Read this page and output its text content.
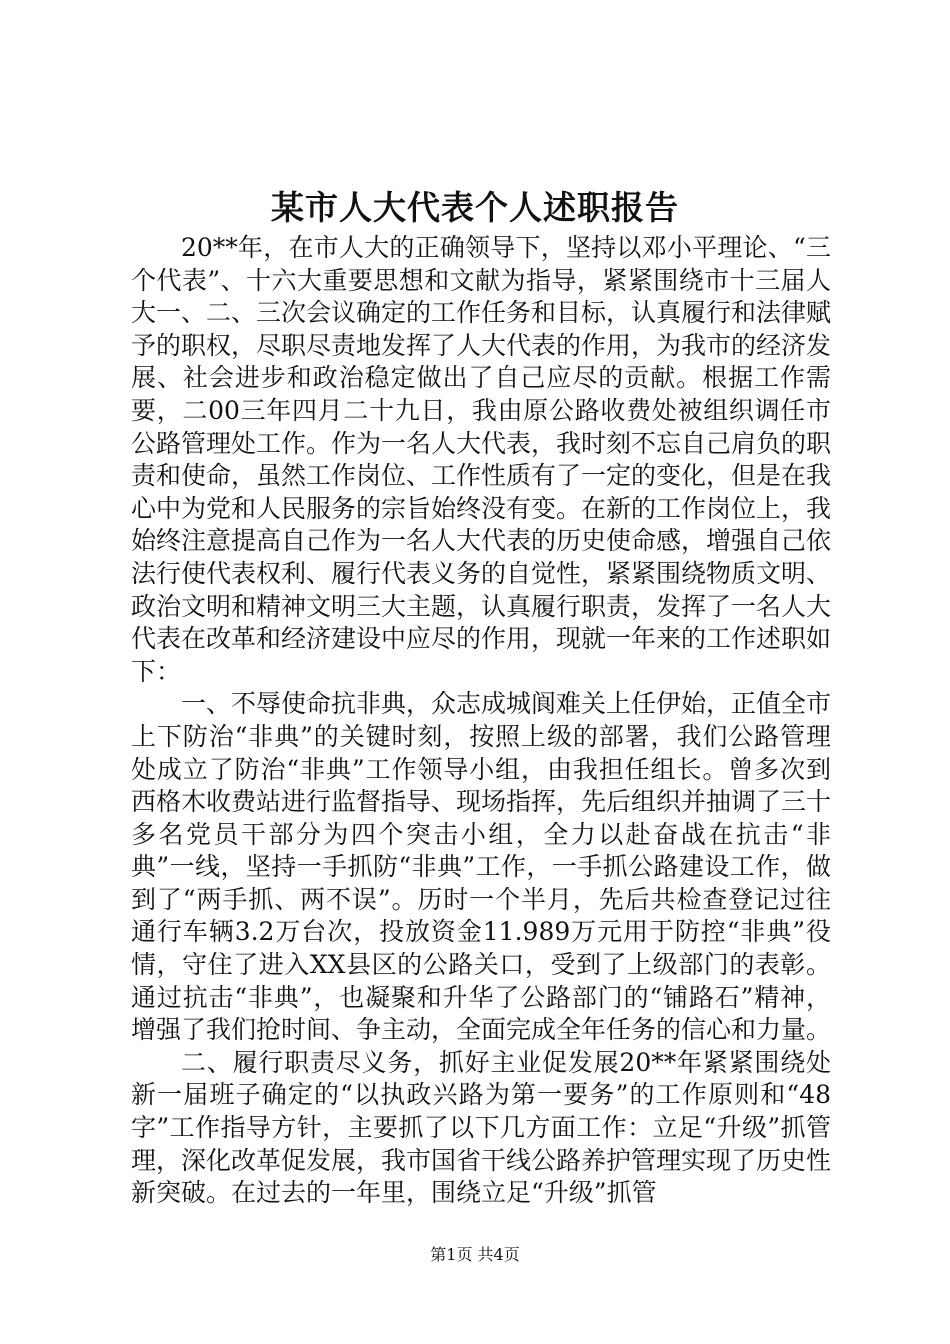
某市人大代表个人述职报告

20**年，在市人大的正确领导下，坚持以邓小平理论、“三个代表”、十六大重要思想和文献为指导，紧紧围绕市十三届人大一、二、三次会议确定的工作任务和目标，认真履行和法律赋予的职权，尽职尽责地发挥了人大代表的作用，为我市的经济发展、社会进步和政治稳定做出了自己应尽的贡献。根据工作需要，二00三年四月二十九日，我由原公路收费处被组织调任市公路管理处工作。作为一名人大代表，我时刻不忘自己肩负的职责和使命，虽然工作岗位、工作性质有了一定的变化，但是在我心中为党和人民服务的宗旨始终没有变。在新的工作岗位上，我始终注意提高自己作为一名人大代表的历史使命感，增强自己依法行使代表权利、履行代表义务的自觉性，紧紧围绕物质文明、政治文明和精神文明三大主题，认真履行职责，发挥了一名人大代表在改革和经济建设中应尽的作用，现就一年来的工作述职如下：

一、不辱使命抗非典，众志成城阆难关上任伊始，正值全市上下防治“非典”的关键时刻，按照上级的部署，我们公路管理处成立了防治“非典”工作领导小组，由我担任组长。曾多次到西格木收费站进行监督指导、现场指挥，先后组织并抽调了三十多名党员干部分为四个突击小组，全力以赴奋战在抗击“非典”一线，坚持一手抓防“非典”工作，一手抓公路建设工作，做到了“两手抓、两不误”。历时一个半月，先后共检查登记过往通行车辆3.2万台次，投放资金11.989万元用于防控“非典”役情，守住了进入XX县区的公路关口，受到了上级部门的表彰。通过抗击“非典”，也凝聚和升华了公路部门的“铺路石”精神，增强了我们抢时间、争主动，全面完成全年任务的信心和力量。

二、履行职责尽义务，抓好主业促发展20**年紧紧围绕处新一届班子确定的“以执政兴路为第一要务”的工作原则和“48字”工作指导方针，主要抓了以下几方面工作：立足“升级”抓管理，深化改革促发展，我市国省干线公路养护管理实现了历史性新突破。在过去的一年里，围绕立足“升级”抓管

第1页 共4页
